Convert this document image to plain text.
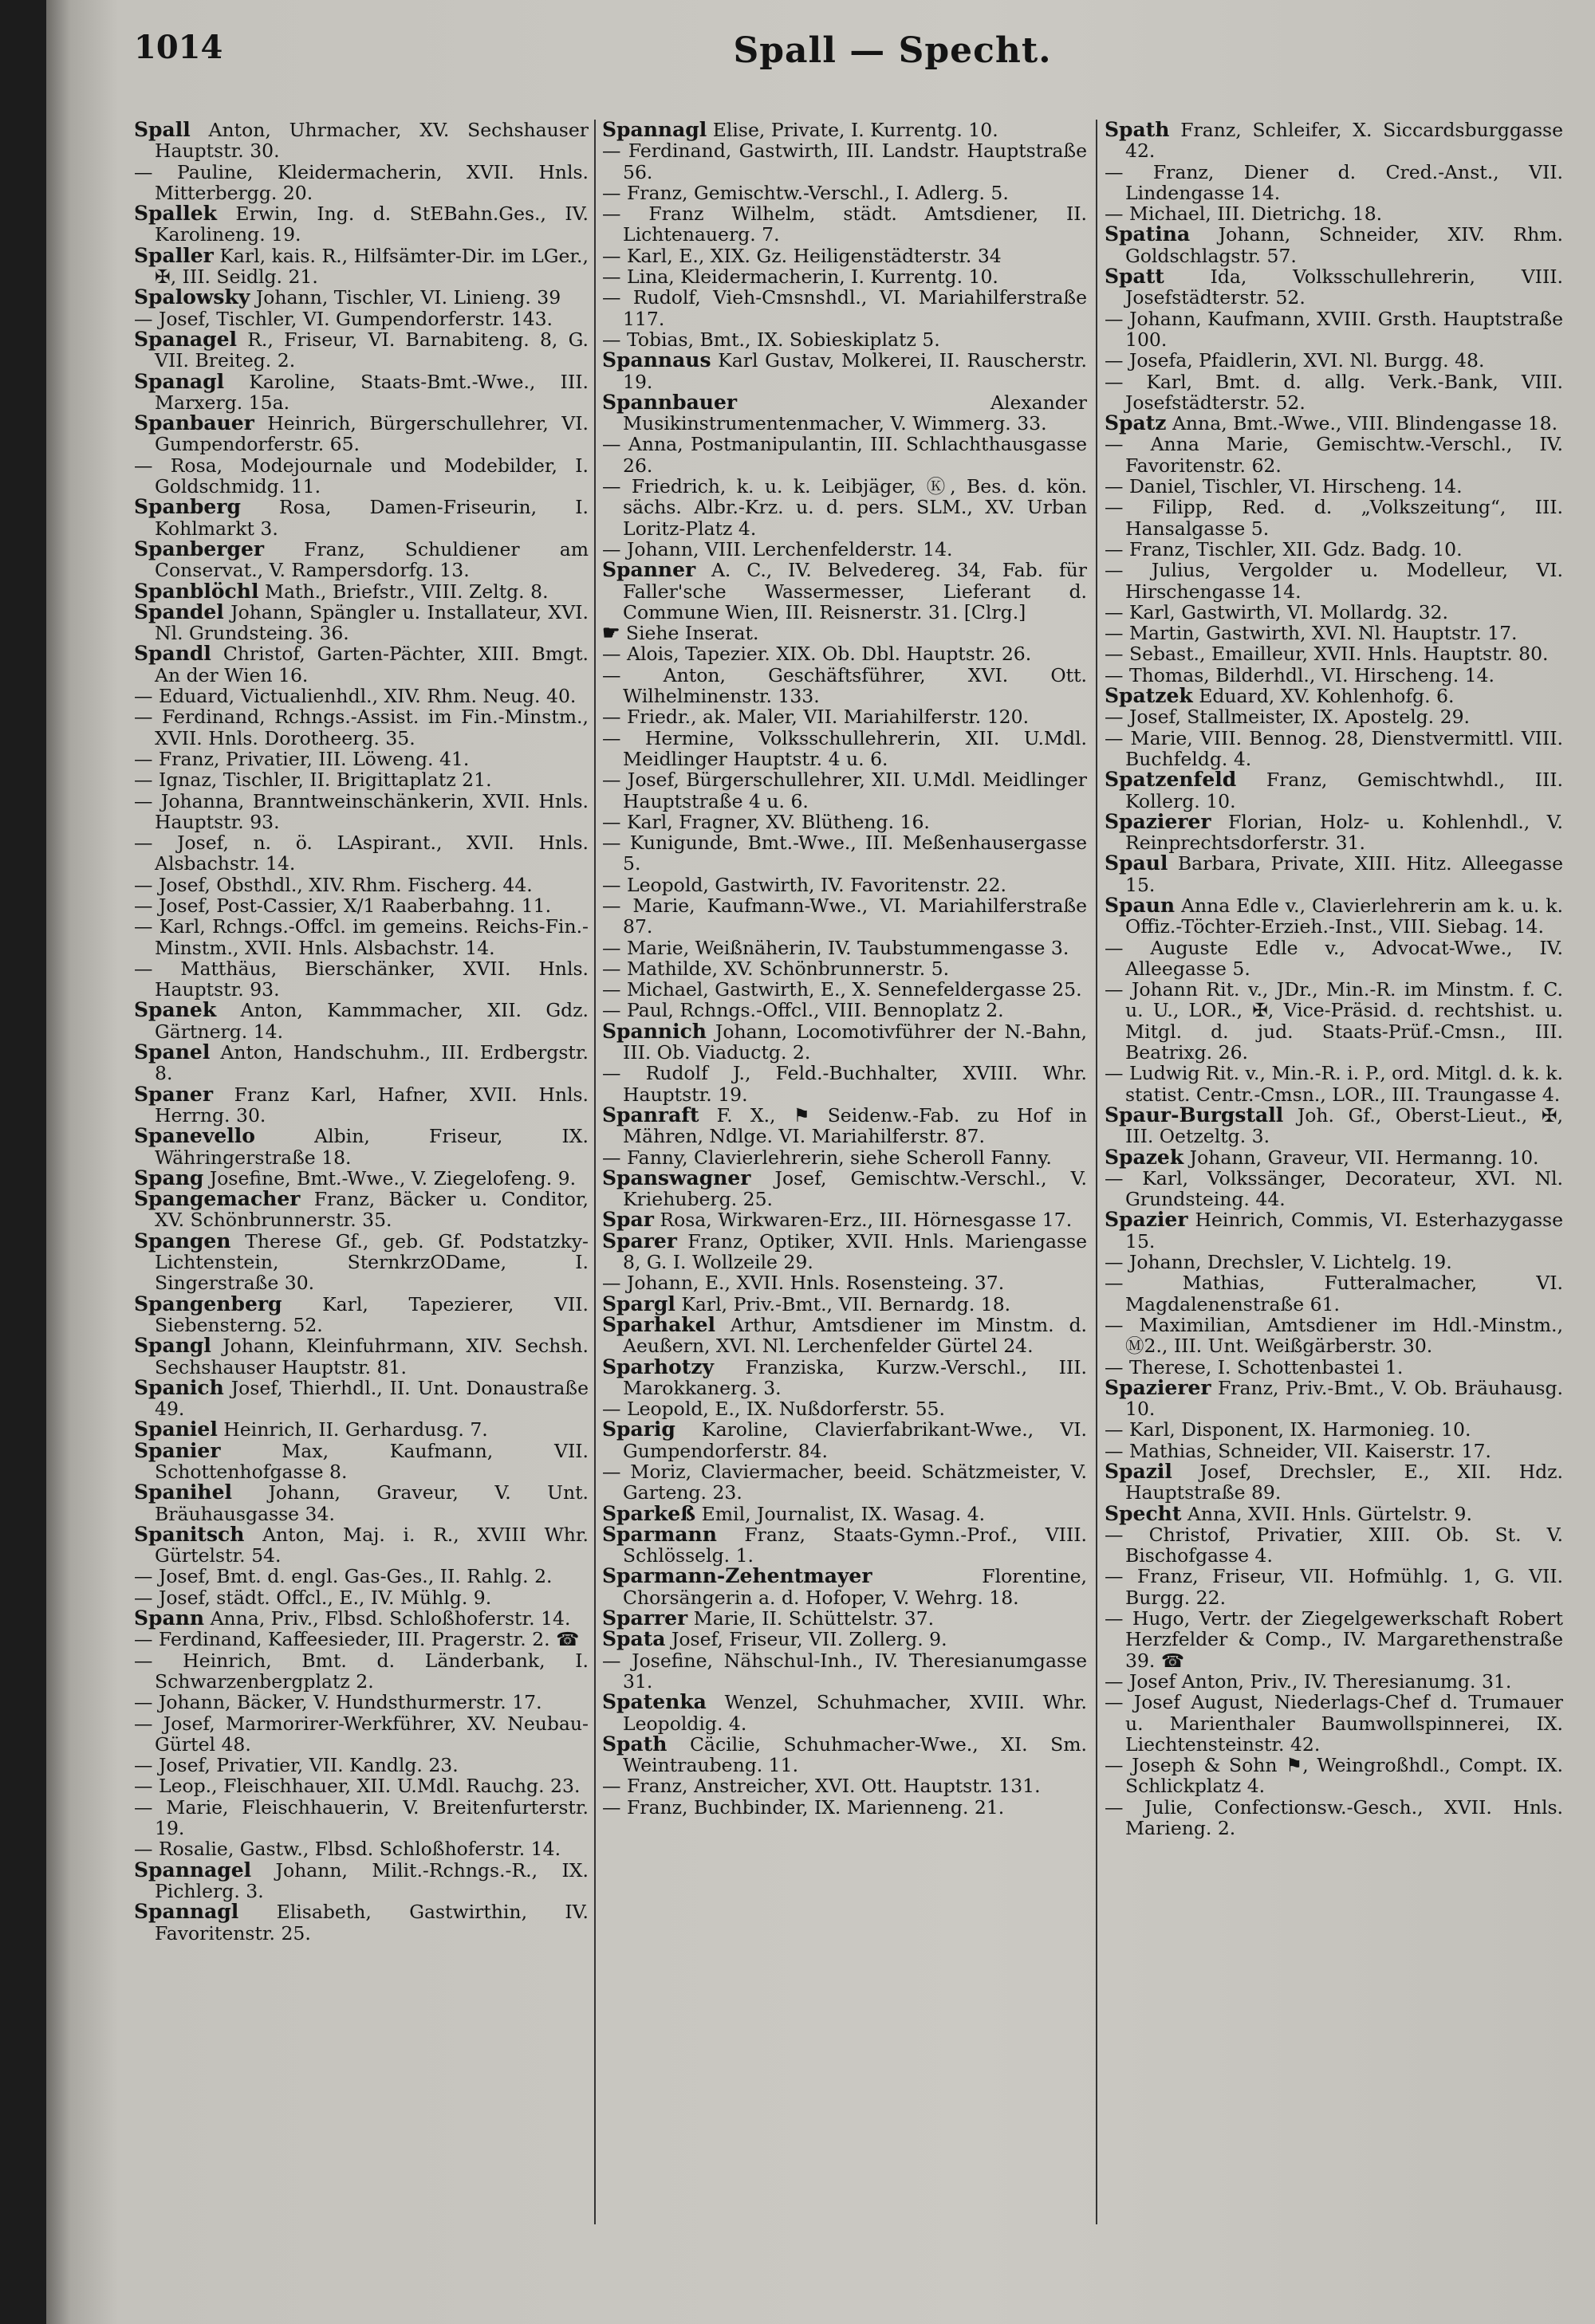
1014	Spall — Specht.

Spall Anton, Uhrmacher, XV. Sechshauser Hauptstr. 30.

— Pauline, Kleidermacherin, XVII. Hnls. Mitterbergg. 20.

Spallek Erwin, Ing. d. StEBahn.Ges., IV. Karolineng. 19.

Spaller Karl, kais. R., Hilfsämter-Dir. im LGer., ✠, III. Seidlg. 21.

Spalowsky Johann, Tischler, VI. Linieng. 39

— Josef, Tischler, VI. Gumpendorferstr. 143.

Spanagel R., Friseur, VI. Barnabiteng. 8, G. VII. Breiteg. 2.

Spanagl Karoline, Staats-Bmt.-Wwe., III. Marxerg. 15a.

Spanbauer Heinrich, Bürgerschullehrer, VI. Gumpendorferstr. 65.

— Rosa, Modejournale und Modebilder, I. Goldschmidg. 11.

Spanberg Rosa, Damen-Friseurin, I. Kohlmarkt 3.

Spanberger Franz, Schuldiener am Conservat., V. Rampersdorfg. 13.

Spanblöchl Math., Briefstr., VIII. Zeltg. 8.

Spandel Johann, Spängler u. Installateur, XVI. Nl. Grundsteing. 36.

Spandl Christof, Garten-Pächter, XIII. Bmgt. An der Wien 16.

— Eduard, Victualienhdl., XIV. Rhm. Neug. 40.

— Ferdinand, Rchngs.-Assist. im Fin.-Minstm., XVII. Hnls. Dorotheerg. 35.

— Franz, Privatier, III. Löweng. 41.

— Ignaz, Tischler, II. Brigittaplatz 21.

— Johanna, Branntweinschänkerin, XVII. Hnls. Hauptstr. 93.

— Josef, n. ö. LAspirant., XVII. Hnls. Alsbachstr. 14.

— Josef, Obsthdl., XIV. Rhm. Fischerg. 44.

— Josef, Post-Cassier, X/1 Raaberbahng. 11.

— Karl, Rchngs.-Offcl. im gemeins. Reichs-Fin.-Minstm., XVII. Hnls. Alsbachstr. 14.

— Matthäus, Bierschänker, XVII. Hnls. Hauptstr. 93.

Spanek Anton, Kammmacher, XII. Gdz. Gärtnerg. 14.

Spanel Anton, Handschuhm., III. Erdbergstr. 8.

Spaner Franz Karl, Hafner, XVII. Hnls. Herrng. 30.

Spanevello Albin, Friseur, IX. Währingerstraße 18.

Spang Josefine, Bmt.-Wwe., V. Ziegelofeng. 9.

Spangemacher Franz, Bäcker u. Conditor, XV. Schönbrunnerstr. 35.

Spangen Therese Gf., geb. Gf. Podstatzky-Lichtenstein, SternkrzODame, I. Singerstraße 30.

Spangenberg Karl, Tapezierer, VII. Siebensterng. 52.

Spangl Johann, Kleinfuhrmann, XIV. Sechsh. Sechshauser Hauptstr. 81.

Spanich Josef, Thierhdl., II. Unt. Donaustraße 49.

Spaniel Heinrich, II. Gerhardusg. 7.

Spanier Max, Kaufmann, VII. Schottenhofgasse 8.

Spanihel Johann, Graveur, V. Unt. Bräuhausgasse 34.

Spanitsch Anton, Maj. i. R., XVIII Whr. Gürtelstr. 54.

— Josef, Bmt. d. engl. Gas-Ges., II. Rahlg. 2.

— Josef, städt. Offcl., E., IV. Mühlg. 9.

Spann Anna, Priv., Flbsd. Schloßhoferstr. 14.

— Ferdinand, Kaffeesieder, III. Pragerstr. 2. ☎

— Heinrich, Bmt. d. Länderbank, I. Schwarzenbergplatz 2.

— Johann, Bäcker, V. Hundsthurmerstr. 17.

— Josef, Marmorirer-Werkführer, XV. Neubau-Gürtel 48.

— Josef, Privatier, VII. Kandlg. 23.

— Leop., Fleischhauer, XII. U.Mdl. Rauchg. 23.

— Marie, Fleischhauerin, V. Breitenfurterstr. 19.

— Rosalie, Gastw., Flbsd. Schloßhoferstr. 14.

Spannagel Johann, Milit.-Rchngs.-R., IX. Pichlerg. 3.

Spannagl Elisabeth, Gastwirthin, IV. Favoritenstr. 25.

Spannagl Elise, Private, I. Kurrentg. 10.

— Ferdinand, Gastwirth, III. Landstr. Hauptstraße 56.

— Franz, Gemischtw.-Verschl., I. Adlerg. 5.

— Franz Wilhelm, städt. Amtsdiener, II. Lichtenauerg. 7.

— Karl, E., XIX. Gz. Heiligenstädterstr. 34

— Lina, Kleidermacherin, I. Kurrentg. 10.

— Rudolf, Vieh-Cmsnshdl., VI. Mariahilferstraße 117.

— Tobias, Bmt., IX. Sobieskiplatz 5.

Spannaus Karl Gustav, Molkerei, II. Rauscherstr. 19.

Spannbauer Alexander Musikinstrumentenmacher, V. Wimmerg. 33.

— Anna, Postmanipulantin, III. Schlachthausgasse 26.

— Friedrich, k. u. k. Leibjäger, Ⓚ, Bes. d. kön. sächs. Albr.-Krz. u. d. pers. SLM., XV. Urban Loritz-Platz 4.

— Johann, VIII. Lerchenfelderstr. 14.

Spanner A. C., IV. Belvedereg. 34, Fab. für Faller'sche Wassermesser, Lieferant d. Commune Wien, III. Reisnerstr. 31. [Clrg.]

☛ Siehe Inserat.

— Alois, Tapezier. XIX. Ob. Dbl. Hauptstr. 26.

— Anton, Geschäftsführer, XVI. Ott. Wilhelminenstr. 133.

— Friedr., ak. Maler, VII. Mariahilferstr. 120.

— Hermine, Volksschullehrerin, XII. U.Mdl. Meidlinger Hauptstr. 4 u. 6.

— Josef, Bürgerschullehrer, XII. U.Mdl. Meidlinger Hauptstraße 4 u. 6.

— Karl, Fragner, XV. Blütheng. 16.

— Kunigunde, Bmt.-Wwe., III. Meßenhausergasse 5.

— Leopold, Gastwirth, IV. Favoritenstr. 22.

— Marie, Kaufmann-Wwe., VI. Mariahilferstraße 87.

— Marie, Weißnäherin, IV. Taubstummengasse 3.

— Mathilde, XV. Schönbrunnerstr. 5.

— Michael, Gastwirth, E., X. Sennefeldergasse 25.

— Paul, Rchngs.-Offcl., VIII. Bennoplatz 2.

Spannich Johann, Locomotivführer der N.-Bahn, III. Ob. Viaductg. 2.

— Rudolf J., Feld.-Buchhalter, XVIII. Whr. Hauptstr. 19.

Spanraft F. X., ⚑ Seidenw.-Fab. zu Hof in Mähren, Ndlge. VI. Mariahilferstr. 87.

— Fanny, Clavierlehrerin, siehe Scheroll Fanny.

Spanswagner Josef, Gemischtw.-Verschl., V. Kriehuberg. 25.

Spar Rosa, Wirkwaren-Erz., III. Hörnesgasse 17.

Sparer Franz, Optiker, XVII. Hnls. Mariengasse 8, G. I. Wollzeile 29.

— Johann, E., XVII. Hnls. Rosensteing. 37.

Spargl Karl, Priv.-Bmt., VII. Bernardg. 18.

Sparhakel Arthur, Amtsdiener im Minstm. d. Aeußern, XVI. Nl. Lerchenfelder Gürtel 24.

Sparhotzy Franziska, Kurzw.-Verschl., III. Marokkanerg. 3.

— Leopold, E., IX. Nußdorferstr. 55.

Sparig Karoline, Clavierfabrikant-Wwe., VI. Gumpendorferstr. 84.

— Moriz, Claviermacher, beeid. Schätzmeister, V. Garteng. 23.

Sparkeß Emil, Journalist, IX. Wasag. 4.

Sparmann Franz, Staats-Gymn.-Prof., VIII. Schlösselg. 1.

Sparmann-Zehentmayer Florentine, Chorsängerin a. d. Hofoper, V. Wehrg. 18.

Sparrer Marie, II. Schüttelstr. 37.

Spata Josef, Friseur, VII. Zollerg. 9.

— Josefine, Nähschul-Inh., IV. Theresianumgasse 31.

Spatenka Wenzel, Schuhmacher, XVIII. Whr. Leopoldig. 4.

Spath Cäcilie, Schuhmacher-Wwe., XI. Sm. Weintraubeng. 11.

— Franz, Anstreicher, XVI. Ott. Hauptstr. 131.

— Franz, Buchbinder, IX. Marienneng. 21.

Spath Franz, Schleifer, X. Siccardsburggasse 42.

— Franz, Diener d. Cred.-Anst., VII. Lindengasse 14.

— Michael, III. Dietrichg. 18.

Spatina Johann, Schneider, XIV. Rhm. Goldschlagstr. 57.

Spatt Ida, Volksschullehrerin, VIII. Josefstädterstr. 52.

— Johann, Kaufmann, XVIII. Grsth. Hauptstraße 100.

— Josefa, Pfaidlerin, XVI. Nl. Burgg. 48.

— Karl, Bmt. d. allg. Verk.-Bank, VIII. Josefstädterstr. 52.

Spatz Anna, Bmt.-Wwe., VIII. Blindengasse 18.

— Anna Marie, Gemischtw.-Verschl., IV. Favoritenstr. 62.

— Daniel, Tischler, VI. Hirscheng. 14.

— Filipp, Red. d. „Volkszeitung“, III. Hansalgasse 5.

— Franz, Tischler, XII. Gdz. Badg. 10.

— Julius, Vergolder u. Modelleur, VI. Hirschengasse 14.

— Karl, Gastwirth, VI. Mollardg. 32.

— Martin, Gastwirth, XVI. Nl. Hauptstr. 17.

— Sebast., Emailleur, XVII. Hnls. Hauptstr. 80.

— Thomas, Bilderhdl., VI. Hirscheng. 14.

Spatzek Eduard, XV. Kohlenhofg. 6.

— Josef, Stallmeister, IX. Apostelg. 29.

— Marie, VIII. Bennog. 28, Dienstvermittl. VIII. Buchfeldg. 4.

Spatzenfeld Franz, Gemischtwhdl., III. Kollerg. 10.

Spazierer Florian, Holz- u. Kohlenhdl., V. Reinprechtsdorferstr. 31.

Spaul Barbara, Private, XIII. Hitz. Alleegasse 15.

Spaun Anna Edle v., Clavierlehrerin am k. u. k. Offiz.-Töchter-Erzieh.-Inst., VIII. Siebag. 14.

— Auguste Edle v., Advocat-Wwe., IV. Alleegasse 5.

— Johann Rit. v., JDr., Min.-R. im Minstm. f. C. u. U., LOR., ✠, Vice-Präsid. d. rechtshist. u. Mitgl. d. jud. Staats-Prüf.-Cmsn., III. Beatrixg. 26.

— Ludwig Rit. v., Min.-R. i. P., ord. Mitgl. d. k. k. statist. Centr.-Cmsn., LOR., III. Traungasse 4.

Spaur-Burgstall Joh. Gf., Oberst-Lieut., ✠, III. Oetzeltg. 3.

Spazek Johann, Graveur, VII. Hermanng. 10.

— Karl, Volkssänger, Decorateur, XVI. Nl. Grundsteing. 44.

Spazier Heinrich, Commis, VI. Esterhazygasse 15.

— Johann, Drechsler, V. Lichtelg. 19.

— Mathias, Futteralmacher, VI. Magdalenenstraße 61.

— Maximilian, Amtsdiener im Hdl.-Minstm., Ⓜ2., III. Unt. Weißgärberstr. 30.

— Therese, I. Schottenbastei 1.

Spazierer Franz, Priv.-Bmt., V. Ob. Bräuhausg. 10.

— Karl, Disponent, IX. Harmonieg. 10.

— Mathias, Schneider, VII. Kaiserstr. 17.

Spazil Josef, Drechsler, E., XII. Hdz. Hauptstraße 89.

Specht Anna, XVII. Hnls. Gürtelstr. 9.

— Christof, Privatier, XIII. Ob. St. V. Bischofgasse 4.

— Franz, Friseur, VII. Hofmühlg. 1, G. VII. Burgg. 22.

— Hugo, Vertr. der Ziegelgewerkschaft Robert Herzfelder & Comp., IV. Margarethenstraße 39. ☎

— Josef Anton, Priv., IV. Theresianumg. 31.

— Josef August, Niederlags-Chef d. Trumauer u. Marienthaler Baumwollspinnerei, IX. Liechtensteinstr. 42.

— Joseph & Sohn ⚑, Weingroßhdl., Compt. IX. Schlickplatz 4.

— Julie, Confectionsw.-Gesch., XVII. Hnls. Marieng. 2.
